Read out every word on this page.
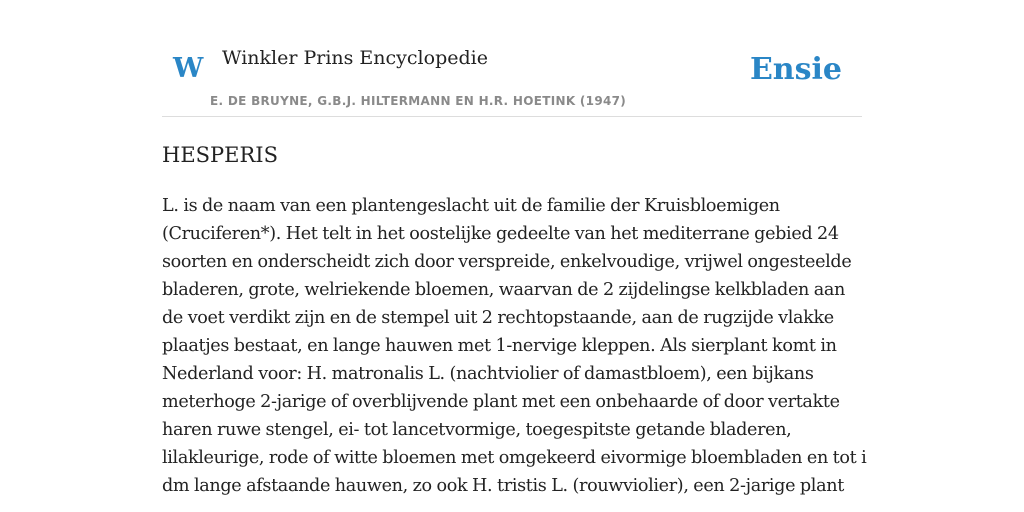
W Winkler Prins Encyclopedie
E. DE BRUYNE, G.B.J. HILTERMANN EN H.R. HOETINK (1947)
Ensie
HESPERIS

L. is de naam van een plantengeslacht uit de familie der Kruisbloemigen (Cruciferen*). Het telt in het oostelijke gedeelte van het mediterrane gebied 24 soorten en onderscheidt zich door verspreide, enkelvoudige, vrijwel ongesteelde bladeren, grote, welriekende bloemen, waarvan de 2 zijdelingse kelkbladen aan de voet verdikt zijn en de stempel uit 2 rechtopstaande, aan de rugzijde vlakke plaatjes bestaat, en lange hauwen met 1-nervige kleppen. Als sierplant komt in Nederland voor: H. matronalis L. (nachtviolier of damastbloem), een bijkans meterhoge 2-jarige of overblijvende plant met een onbehaarde of door vertakte haren ruwe stengel, ei- tot lancetvormige, toegespitste getande bladeren, lilakleurige, rode of witte bloemen met omgekeerd eivormige bloembladen en tot i dm lange afstaande hauwen, zo ook H. tristis L. (rouwviolier), een 2-jarige plant
